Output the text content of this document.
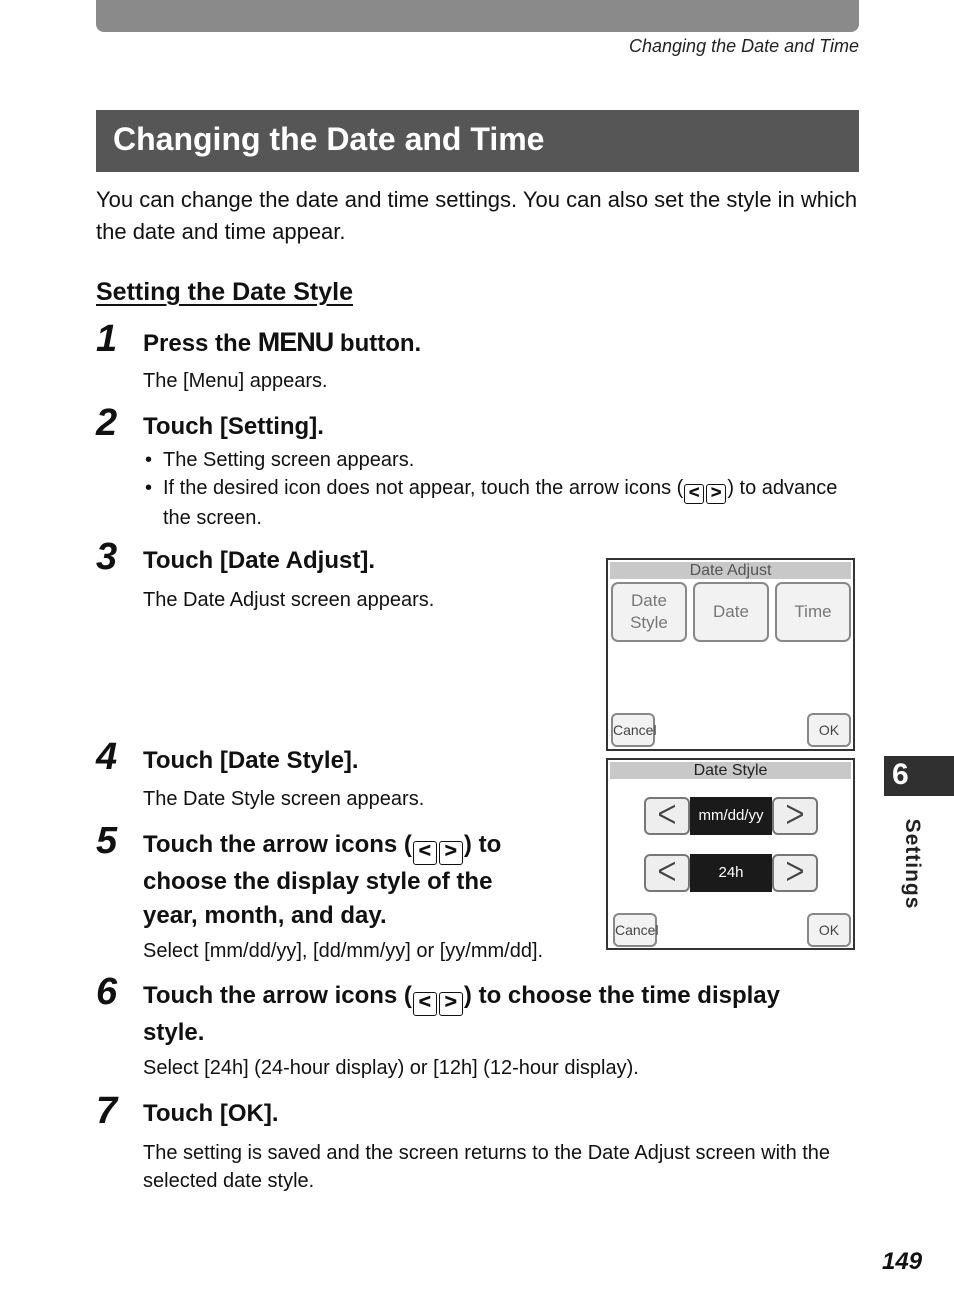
Changing the Date and Time
Changing the Date and Time
You can change the date and time settings. You can also set the style in which the date and time appear.
Setting the Date Style
1 Press the MENU button.
The [Menu] appears.
2 Touch [Setting].
• The Setting screen appears.
• If the desired icon does not appear, touch the arrow icons ( ᐸ ᐳ ) to advance the screen.
3 Touch [Date Adjust].
The Date Adjust screen appears.
Date Adjust
Date
Style
Date	Time
Cancel	OK
4 Touch [Date Style].
The Date Style screen appears.
Date Style
ᐸ	mm/dd/yy ᐳ
ᐸ	24h	ᐳ
Cancel	OK
5 Touch the arrow icons ( ᐸ ᐳ ) to
choose the display style of the
year, month, and day.
Select [mm/dd/yy], [dd/mm/yy] or [yy/mm/dd].
6 Touch the arrow icons ( ᐸ ᐳ ) to choose the time display
style.
Select [24h] (24-hour display) or [12h] (12-hour display).
7 Touch [OK].
The setting is saved and the screen returns to the Date Adjust screen with the selected date style.
6
Settings
149
